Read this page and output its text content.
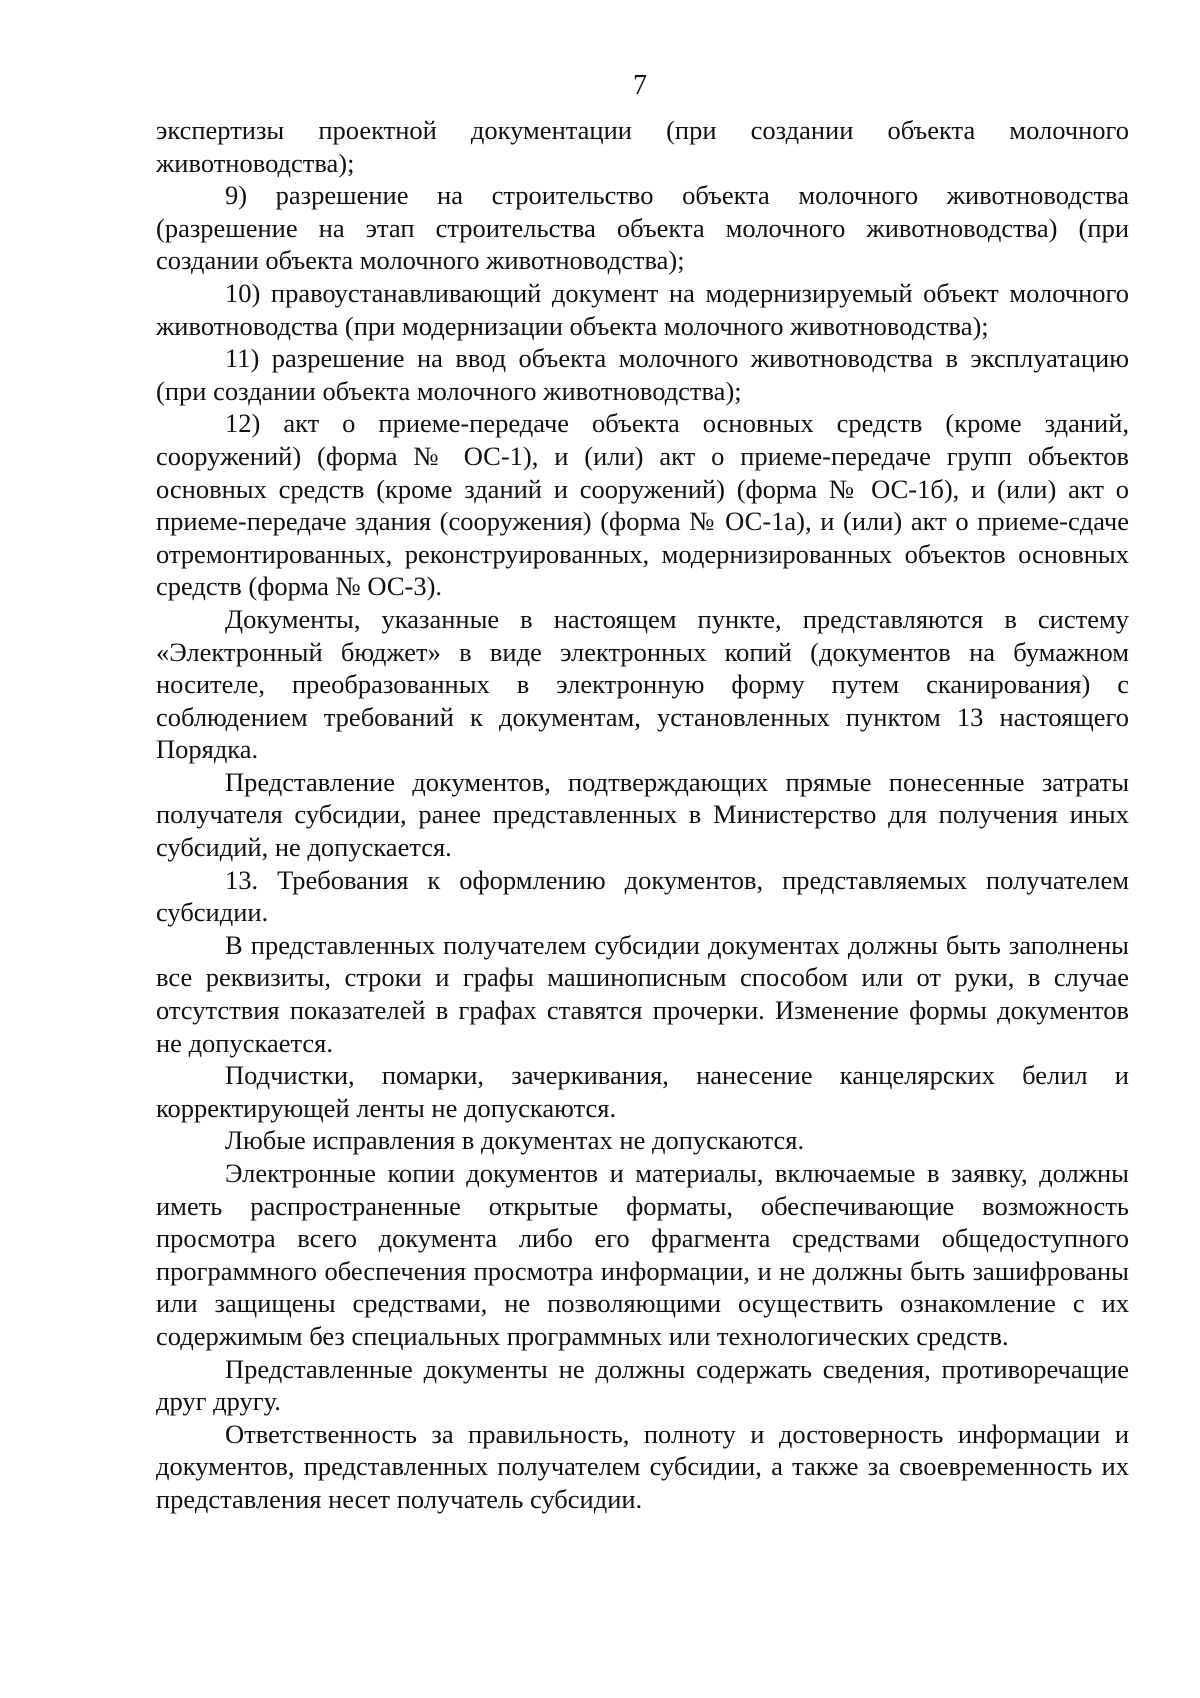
7

экспертизы проектной документации (при создании объекта молочного животноводства);

9) разрешение на строительство объекта молочного животноводства (разрешение на этап строительства объекта молочного животноводства) (при создании объекта молочного животноводства);

10) правоустанавливающий документ на модернизируемый объект молочного животноводства (при модернизации объекта молочного животноводства);

11) разрешение на ввод объекта молочного животноводства в эксплуатацию (при создании объекта молочного животноводства);

12) акт о приеме-передаче объекта основных средств (кроме зданий, сооружений) (форма № ОС-1), и (или) акт о приеме-передаче групп объектов основных средств (кроме зданий и сооружений) (форма № ОС-1б), и (или) акт о приеме-передаче здания (сооружения) (форма № ОС-1а), и (или) акт о приеме-сдаче отремонтированных, реконструированных, модернизированных объектов основных средств (форма № ОС-3).

Документы, указанные в настоящем пункте, представляются в систему «Электронный бюджет» в виде электронных копий (документов на бумажном носителе, преобразованных в электронную форму путем сканирования) с соблюдением требований к документам, установленных пунктом 13 настоящего Порядка.

Представление документов, подтверждающих прямые понесенные затраты получателя субсидии, ранее представленных в Министерство для получения иных субсидий, не допускается.

13. Требования к оформлению документов, представляемых получателем субсидии.

В представленных получателем субсидии документах должны быть заполнены все реквизиты, строки и графы машинописным способом или от руки, в случае отсутствия показателей в графах ставятся прочерки. Изменение формы документов не допускается.

Подчистки, помарки, зачеркивания, нанесение канцелярских белил и корректирующей ленты не допускаются.

Любые исправления в документах не допускаются.

Электронные копии документов и материалы, включаемые в заявку, должны иметь распространенные открытые форматы, обеспечивающие возможность просмотра всего документа либо его фрагмента средствами общедоступного программного обеспечения просмотра информации, и не должны быть зашифрованы или защищены средствами, не позволяющими осуществить ознакомление с их содержимым без специальных программных или технологических средств.

Представленные документы не должны содержать сведения, противоречащие друг другу.

Ответственность за правильность, полноту и достоверность информации и документов, представленных получателем субсидии, а также за своевременность их представления несет получатель субсидии.
